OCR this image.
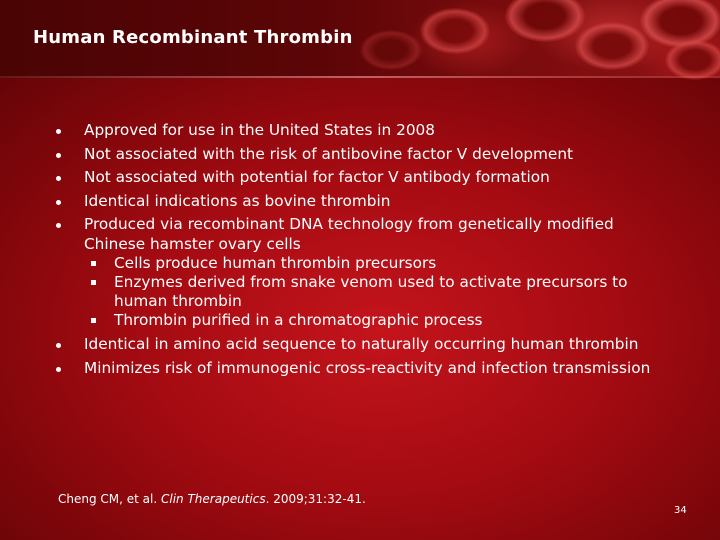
Human Recombinant Thrombin
Approved for use in the United States in 2008
Not associated with the risk of antibovine factor V development
Not associated with potential for factor V antibody formation
Identical indications as bovine thrombin
Produced via recombinant DNA technology from genetically modified Chinese hamster ovary cells
Cells produce human thrombin precursors
Enzymes derived from snake venom used to activate precursors to human thrombin
Thrombin purified in a chromatographic process
Identical in amino acid sequence to naturally occurring human thrombin
Minimizes risk of immunogenic cross-reactivity and infection transmission

Cheng CM, et al. Clin Therapeutics. 2009;31:32-41.

34
